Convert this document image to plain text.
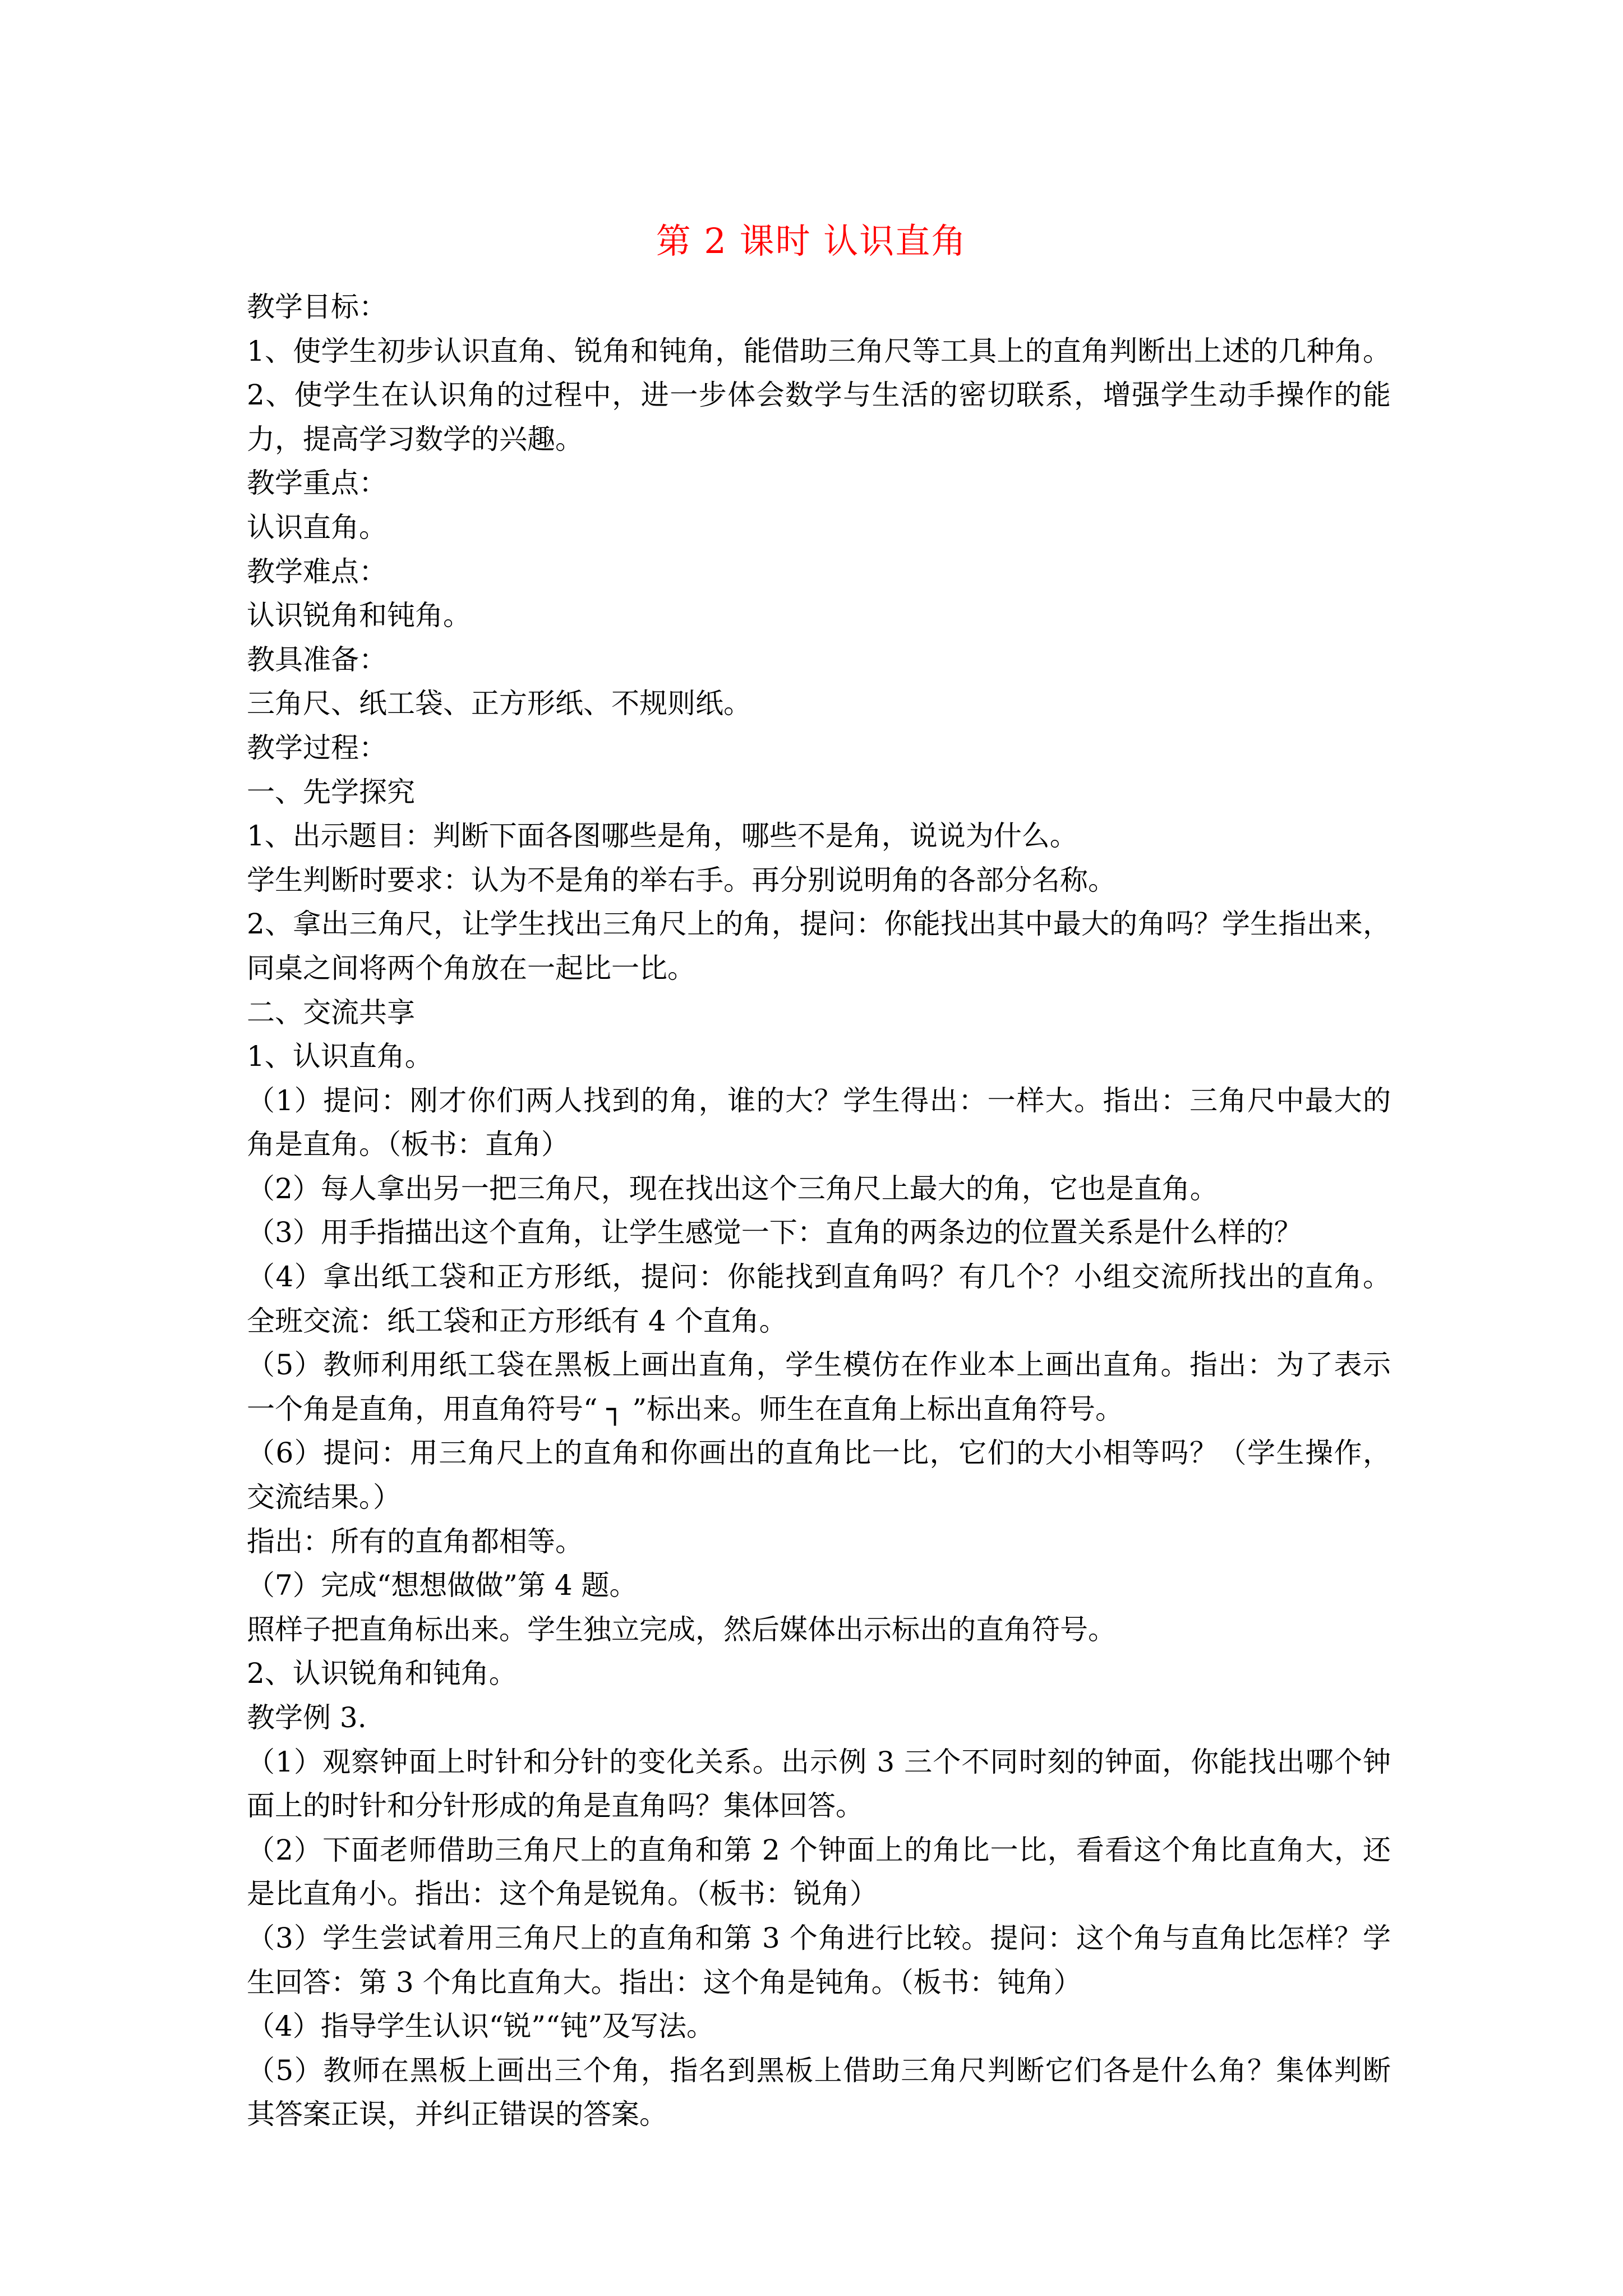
第 2 课时 认识直角
教学目标：
1、使学生初步认识直角、锐角和钝角，能借助三角尺等工具上的直角判断出上述的几种角。
2、使学生在认识角的过程中，进一步体会数学与生活的密切联系，增强学生动手操作的能
力，提高学习数学的兴趣。
教学重点：
认识直角。
教学难点：
认识锐角和钝角。
教具准备：
三角尺、纸工袋、正方形纸、不规则纸。
教学过程：
一、先学探究
1、出示题目：判断下面各图哪些是角，哪些不是角，说说为什么。
学生判断时要求：认为不是角的举右手。再分别说明角的各部分名称。
2、拿出三角尺，让学生找出三角尺上的角，提问：你能找出其中最大的角吗？学生指出来，
同桌之间将两个角放在一起比一比。
二、交流共享
1、认识直角。
（1）提问：刚才你们两人找到的角，谁的大？学生得出：一样大。指出：三角尺中最大的
角是直角。（板书：直角）
（2）每人拿出另一把三角尺，现在找出这个三角尺上最大的角，它也是直角。
（3）用手指描出这个直角，让学生感觉一下：直角的两条边的位置关系是什么样的？
（4）拿出纸工袋和正方形纸，提问：你能找到直角吗？有几个？小组交流所找出的直角。
全班交流：纸工袋和正方形纸有 4 个直角。
（5）教师利用纸工袋在黑板上画出直角，学生模仿在作业本上画出直角。指出：为了表示
一个角是直角，用直角符号“ ┐ ”标出来。师生在直角上标出直角符号。
（6）提问：用三角尺上的直角和你画出的直角比一比，它们的大小相等吗？（学生操作，
交流结果。）
指出：所有的直角都相等。
（7）完成“想想做做”第 4 题。
照样子把直角标出来。学生独立完成，然后媒体出示标出的直角符号。
2、认识锐角和钝角。
教学例 3.
（1）观察钟面上时针和分针的变化关系。出示例 3 三个不同时刻的钟面，你能找出哪个钟
面上的时针和分针形成的角是直角吗？集体回答。
（2）下面老师借助三角尺上的直角和第 2 个钟面上的角比一比，看看这个角比直角大，还
是比直角小。指出：这个角是锐角。（板书：锐角）
（3）学生尝试着用三角尺上的直角和第 3 个角进行比较。提问：这个角与直角比怎样？学
生回答：第 3 个角比直角大。指出：这个角是钝角。（板书：钝角）
（4）指导学生认识“锐”“钝”及写法。
（5）教师在黑板上画出三个角，指名到黑板上借助三角尺判断它们各是什么角？集体判断
其答案正误，并纠正错误的答案。
